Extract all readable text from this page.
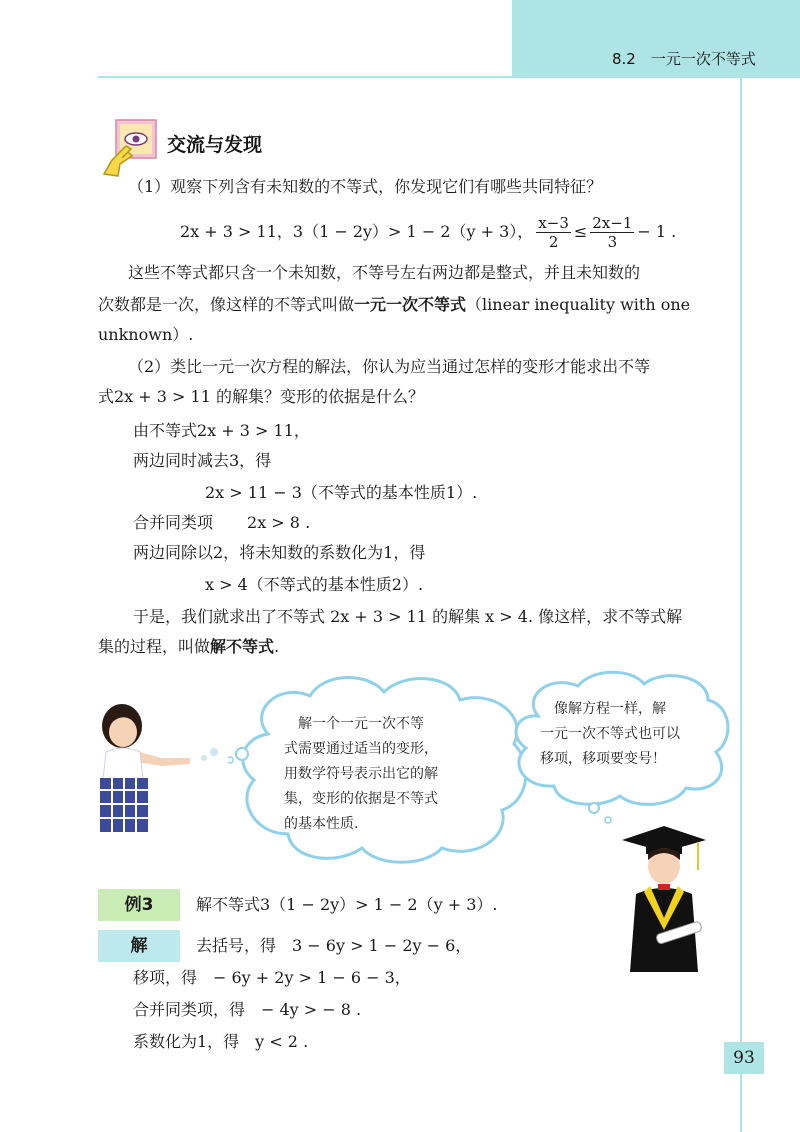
8.2　一元一次不等式
交流与发现
（1）观察下列含有未知数的不等式，你发现它们有哪些共同特征？
2x + 3 > 11，3（1 − 2y）> 1 − 2（y + 3）， $\frac{x-3}{2} \le \frac{2x-1}{3} - 1$ .
这些不等式都只含一个未知数，不等号左右两边都是整式，并且未知数的
次数都是一次，像这样的不等式叫做一元一次不等式（linear inequality with one
unknown）.
（2）类比一元一次方程的解法，你认为应当通过怎样的变形才能求出不等
式2x + 3 > 11 的解集？变形的依据是什么？
由不等式2x + 3 > 11，
两边同时减去3，得
2x > 11 − 3（不等式的基本性质1）.
合并同类项 2x > 8 .
两边同除以2，将未知数的系数化为1，得
x > 4（不等式的基本性质2）.
于是，我们就求出了不等式 2x + 3 > 11 的解集 x > 4. 像这样，求不等式解
集的过程，叫做解不等式.
　解一个一元一次不等
式需要通过适当的变形，
用数学符号表示出它的解
集，变形的依据是不等式
的基本性质.
　像解方程一样，解
一元一次不等式也可以
移项，移项要变号！
例3	解不等式3（1 − 2y）> 1 − 2（y + 3）.
解	去括号，得　3 − 6y > 1 − 2y − 6，
移项，得　− 6y + 2y > 1 − 6 − 3，
合并同类项，得　− 4y > − 8 .
系数化为1，得　y < 2 .
93
